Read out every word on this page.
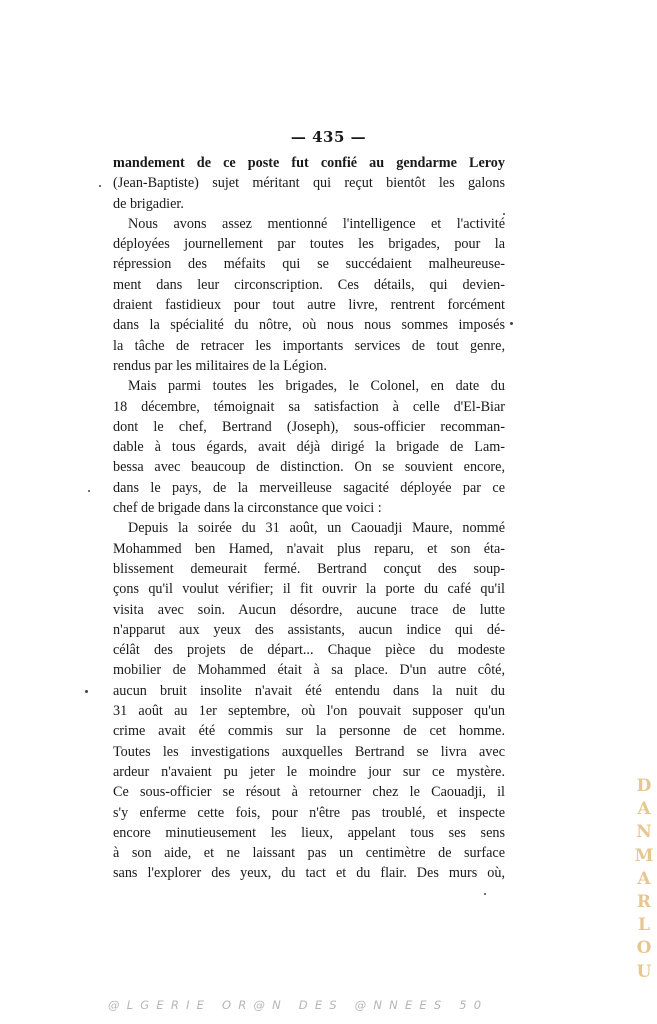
— 435 —
mandement de ce poste fut confié au gendarme Leroy
(Jean-Baptiste) sujet méritant qui reçut bientôt les galons
de brigadier.
Nous avons assez mentionné l'intelligence et l'activité
déployées journellement par toutes les brigades, pour la
répression des méfaits qui se succédaient malheureuse-
ment dans leur circonscription. Ces détails, qui devien-
draient fastidieux pour tout autre livre, rentrent forcément
dans la spécialité du nôtre, où nous nous sommes imposés
la tâche de retracer les importants services de tout genre,
rendus par les militaires de la Légion.
Mais parmi toutes les brigades, le Colonel, en date du
18 décembre, témoignait sa satisfaction à celle d'El-Biar
dont le chef, Bertrand (Joseph), sous-officier recomman-
dable à tous égards, avait déjà dirigé la brigade de Lam-
bessa avec beaucoup de distinction. On se souvient encore,
dans le pays, de la merveilleuse sagacité déployée par ce
chef de brigade dans la circonstance que voici :
Depuis la soirée du 31 août, un Caouadji Maure, nommé
Mohammed ben Hamed, n'avait plus reparu, et son éta-
blissement demeurait fermé. Bertrand conçut des soup-
çons qu'il voulut vérifier; il fit ouvrir la porte du café qu'il
visita avec soin. Aucun désordre, aucune trace de lutte
n'apparut aux yeux des assistants, aucun indice qui dé-
célât des projets de départ... Chaque pièce du modeste
mobilier de Mohammed était à sa place. D'un autre côté,
aucun bruit insolite n'avait été entendu dans la nuit du
31 août au 1er septembre, où l'on pouvait supposer qu'un
crime avait été commis sur la personne de cet homme.
Toutes les investigations auxquelles Bertrand se livra avec
ardeur n'avaient pu jeter le moindre jour sur ce mystère.
Ce sous-officier se résout à retourner chez le Caouadji, il
s'y enferme cette fois, pour n'être pas troublé, et inspecte
encore minutieusement les lieux, appelant tous ses sens
à son aide, et ne laissant pas un centimètre de surface
sans l'explorer des yeux, du tact et du flair. Des murs où,
D
A
N
M
A
R
L
O
U
@LGERIE OR@N DES @NNEES 50
